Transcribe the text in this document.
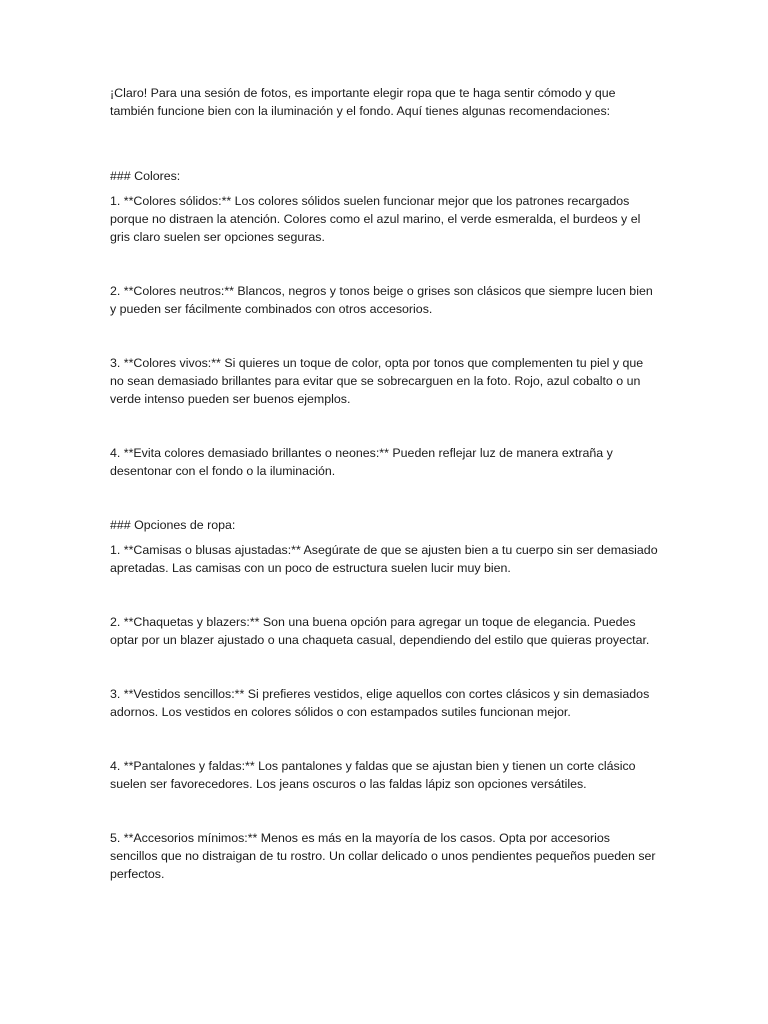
¡Claro! Para una sesión de fotos, es importante elegir ropa que te haga sentir cómodo y que también funcione bien con la iluminación y el fondo. Aquí tienes algunas recomendaciones:

### Colores:

1. **Colores sólidos:** Los colores sólidos suelen funcionar mejor que los patrones recargados porque no distraen la atención. Colores como el azul marino, el verde esmeralda, el burdeos y el gris claro suelen ser opciones seguras.

2. **Colores neutros:** Blancos, negros y tonos beige o grises son clásicos que siempre lucen bien y pueden ser fácilmente combinados con otros accesorios.

3. **Colores vivos:** Si quieres un toque de color, opta por tonos que complementen tu piel y que no sean demasiado brillantes para evitar que se sobrecarguen en la foto. Rojo, azul cobalto o un verde intenso pueden ser buenos ejemplos.

4. **Evita colores demasiado brillantes o neones:** Pueden reflejar luz de manera extraña y desentonar con el fondo o la iluminación.

### Opciones de ropa:

1. **Camisas o blusas ajustadas:** Asegúrate de que se ajusten bien a tu cuerpo sin ser demasiado apretadas. Las camisas con un poco de estructura suelen lucir muy bien.

2. **Chaquetas y blazers:** Son una buena opción para agregar un toque de elegancia. Puedes optar por un blazer ajustado o una chaqueta casual, dependiendo del estilo que quieras proyectar.

3. **Vestidos sencillos:** Si prefieres vestidos, elige aquellos con cortes clásicos y sin demasiados adornos. Los vestidos en colores sólidos o con estampados sutiles funcionan mejor.

4. **Pantalones y faldas:** Los pantalones y faldas que se ajustan bien y tienen un corte clásico suelen ser favorecedores. Los jeans oscuros o las faldas lápiz son opciones versátiles.

5. **Accesorios mínimos:** Menos es más en la mayoría de los casos. Opta por accesorios sencillos que no distraigan de tu rostro. Un collar delicado o unos pendientes pequeños pueden ser perfectos.
